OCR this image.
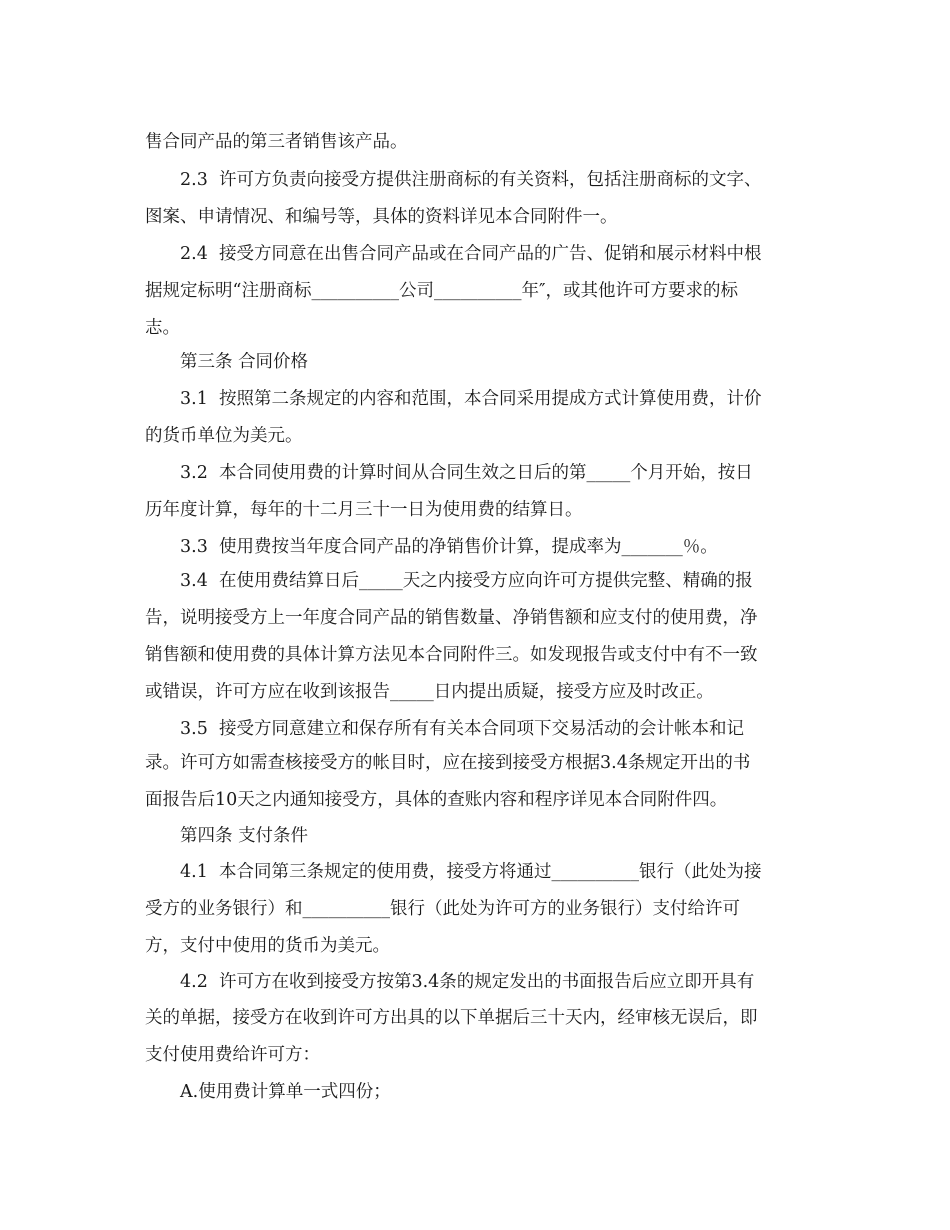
售合同产品的第三者销售该产品。
2.3  许可方负责向接受方提供注册商标的有关资料，包括注册商标的文字、
图案、申请情况、和编号等，具体的资料详见本合同附件一。
2.4  接受方同意在出售合同产品或在合同产品的广告、促销和展示材料中根
据规定标明“注册商标__________公司__________年″，或其他许可方要求的标
志。
第三条 合同价格
3.1  按照第二条规定的内容和范围，本合同采用提成方式计算使用费，计价
的货币单位为美元。
3.2  本合同使用费的计算时间从合同生效之日后的第_____个月开始，按日
历年度计算，每年的十二月三十一日为使用费的结算日。
3.3  使用费按当年度合同产品的净销售价计算，提成率为_______％。
3.4  在使用费结算日后_____天之内接受方应向许可方提供完整、精确的报
告，说明接受方上一年度合同产品的销售数量、净销售额和应支付的使用费，净
销售额和使用费的具体计算方法见本合同附件三。如发现报告或支付中有不一致
或错误，许可方应在收到该报告_____日内提出质疑，接受方应及时改正。
3.5  接受方同意建立和保存所有有关本合同项下交易活动的会计帐本和记
录。许可方如需查核接受方的帐目时，应在接到接受方根据3.4条规定开出的书
面报告后10天之内通知接受方，具体的查账内容和程序详见本合同附件四。
第四条 支付条件
4.1  本合同第三条规定的使用费，接受方将通过__________银行（此处为接
受方的业务银行）和__________银行（此处为许可方的业务银行）支付给许可
方，支付中使用的货币为美元。
4.2  许可方在收到接受方按第3.4条的规定发出的书面报告后应立即开具有
关的单据，接受方在收到许可方出具的以下单据后三十天内，经审核无误后，即
支付使用费给许可方：
A.使用费计算单一式四份；
